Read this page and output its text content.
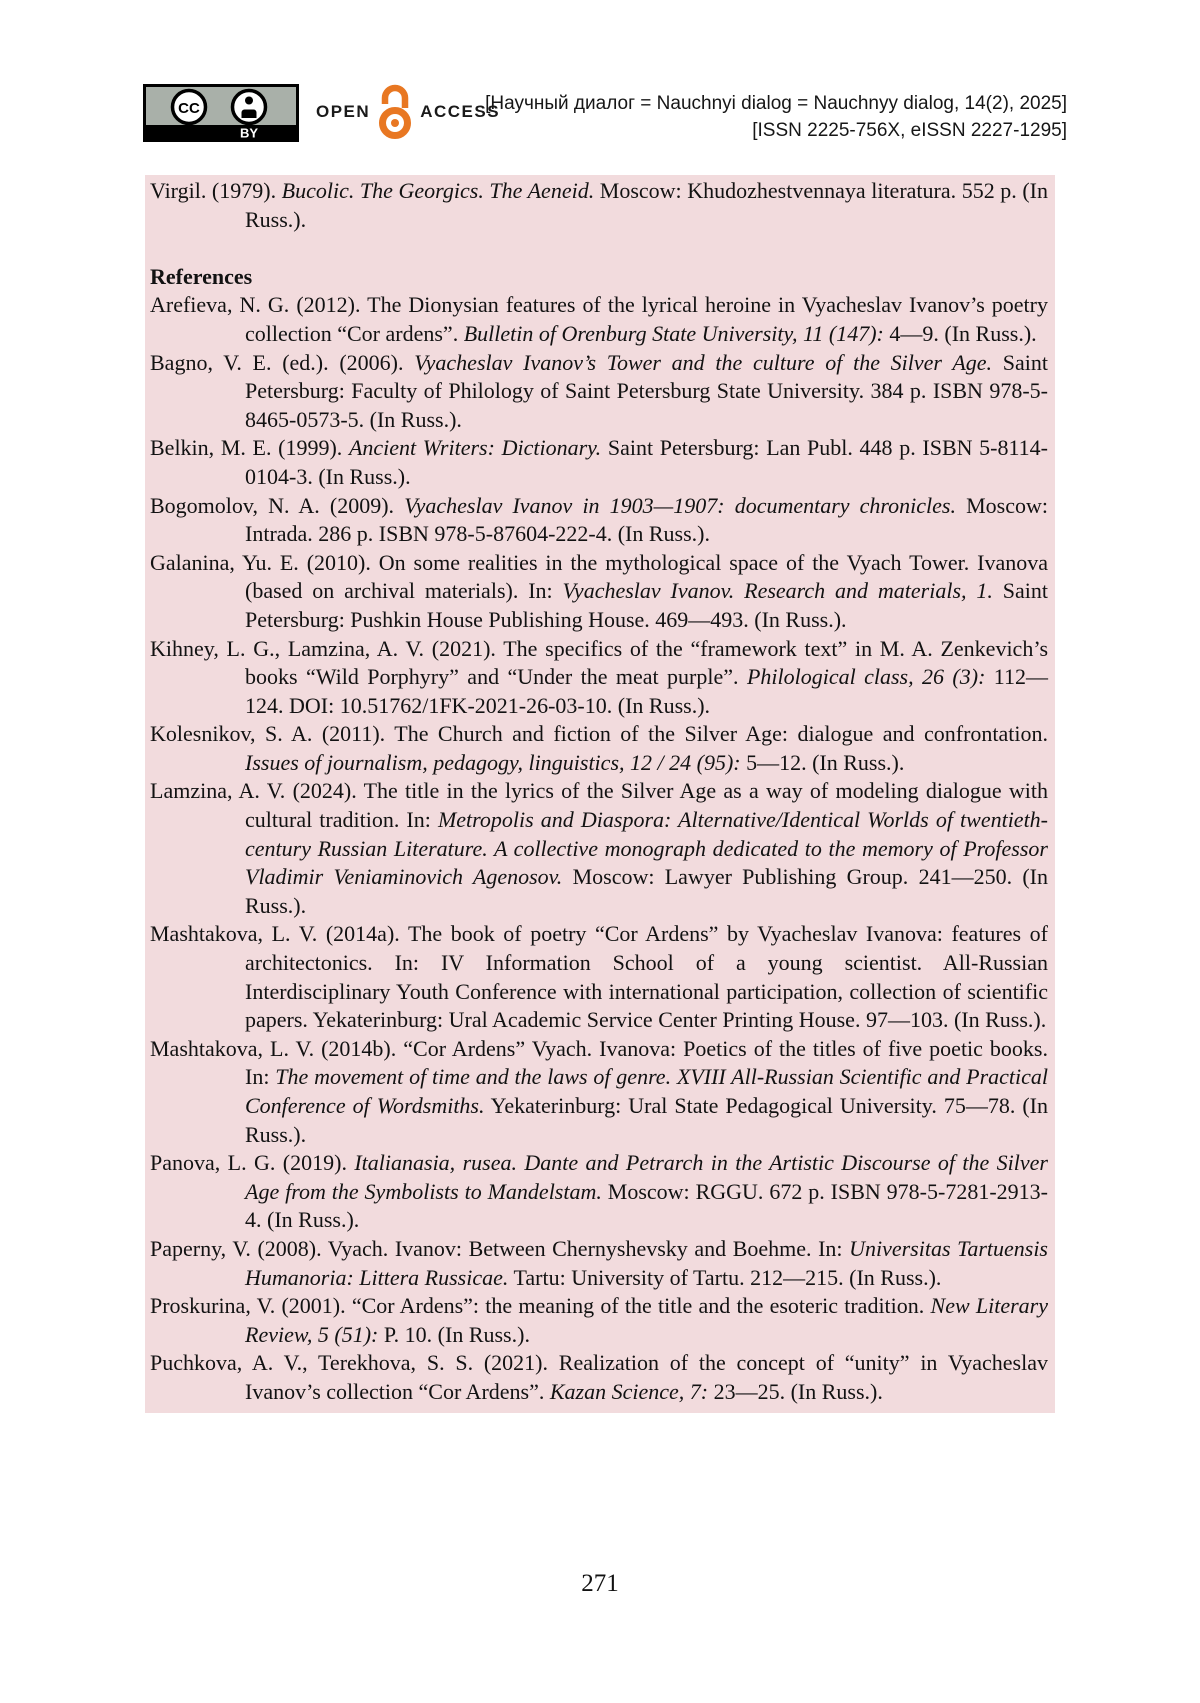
CC
BY
OPEN	ACCESS
[Научный диалог = Nauchnyi dialog = Nauchnyy dialog, 14(2), 2025]
[ISSN 2225-756X, eISSN 2227-1295]

Virgil. (1979). Bucolic. The Georgics. The Aeneid. Moscow: Khudozhestvennaya literatura. 552 p. (In Russ.).

References

Arefieva, N. G. (2012). The Dionysian features of the lyrical heroine in Vyacheslav Ivanov’s poetry collection “Cor ardens”. Bulletin of Orenburg State University, 11 (147): 4—9. (In Russ.).

Bagno, V. E. (ed.). (2006). Vyacheslav Ivanov’s Tower and the culture of the Silver Age. Saint Petersburg: Faculty of Philology of Saint Petersburg State University. 384 p. ISBN 978-5-8465-0573-5. (In Russ.).

Belkin, M. E. (1999). Ancient Writers: Dictionary. Saint Petersburg: Lan Publ. 448 p. ISBN 5-8114-0104-3. (In Russ.).

Bogomolov, N. A. (2009). Vyacheslav Ivanov in 1903—1907: documentary chronicles. Moscow: Intrada. 286 p. ISBN 978-5-87604-222-4. (In Russ.).

Galanina, Yu. E. (2010). On some realities in the mythological space of the Vyach Tower. Ivanova (based on archival materials). In: Vyacheslav Ivanov. Research and materials, 1. Saint Petersburg: Pushkin House Publishing House. 469—493. (In Russ.).

Kihney, L. G., Lamzina, A. V. (2021). The specifics of the “framework text” in M. A. Zenkevich’s books “Wild Porphyry” and “Under the meat purple”. Philological class, 26 (3): 112—124. DOI: 10.51762/1FK-2021-26-03-10. (In Russ.).

Kolesnikov, S. A. (2011). The Church and fiction of the Silver Age: dialogue and confrontation. Issues of journalism, pedagogy, linguistics, 12 / 24 (95): 5—12. (In Russ.).

Lamzina, A. V. (2024). The title in the lyrics of the Silver Age as a way of modeling dialogue with cultural tradition. In: Metropolis and Diaspora: Alternative/Identical Worlds of twentieth-century Russian Literature. A collective monograph dedicated to the memory of Professor Vladimir Veniaminovich Agenosov. Moscow: Lawyer Publishing Group. 241—250. (In Russ.).

Mashtakova, L. V. (2014a). The book of poetry “Cor Ardens” by Vyacheslav Ivanova: features of architectonics. In: IV Information School of a young scientist. All-Russian Interdisciplinary Youth Conference with international participation, collection of scientific papers. Yekaterinburg: Ural Academic Service Center Printing House. 97—103. (In Russ.).

Mashtakova, L. V. (2014b). “Cor Ardens” Vyach. Ivanova: Poetics of the titles of five poetic books. In: The movement of time and the laws of genre. XVIII All-Russian Scientific and Practical Conference of Wordsmiths. Yekaterinburg: Ural State Pedagogical University. 75—78. (In Russ.).

Panova, L. G. (2019). Italianasia, rusea. Dante and Petrarch in the Artistic Discourse of the Silver Age from the Symbolists to Mandelstam. Moscow: RGGU. 672 p. ISBN 978-5-7281-2913-4. (In Russ.).

Paperny, V. (2008). Vyach. Ivanov: Between Chernyshevsky and Boehme. In: Universitas Tartuensis Humanoria: Littera Russicae. Tartu: University of Tartu. 212—215. (In Russ.).

Proskurina, V. (2001). “Cor Ardens”: the meaning of the title and the esoteric tradition. New Literary Review, 5 (51): P. 10. (In Russ.).

Puchkova, A. V., Terekhova, S. S. (2021). Realization of the concept of “unity” in Vyacheslav Ivanov’s collection “Cor Ardens”. Kazan Science, 7: 23—25. (In Russ.).

271
